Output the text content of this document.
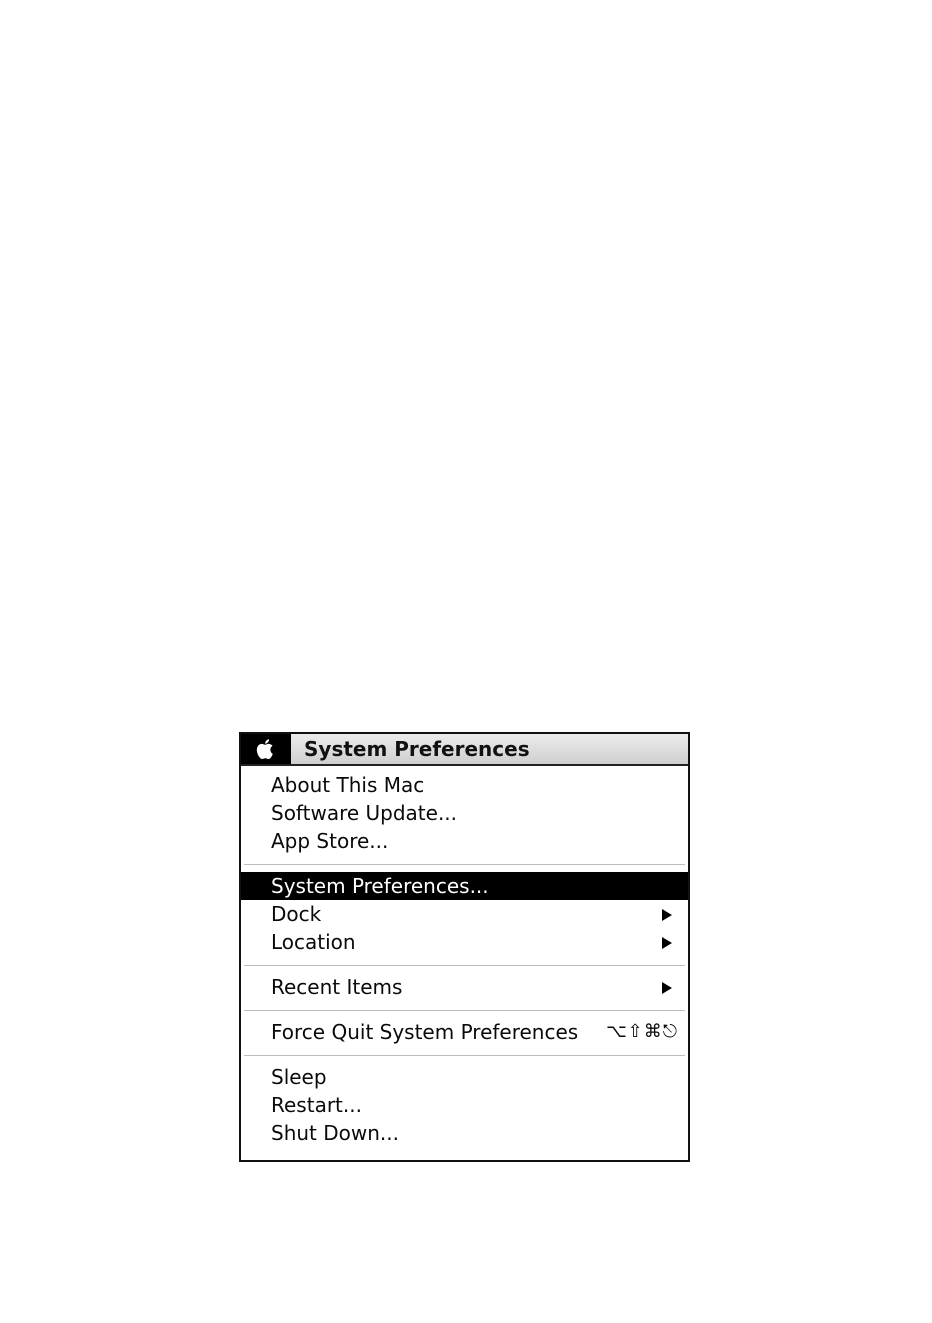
System Preferences
About This Mac
Software Update...
App Store...
System Preferences...
Dock
Location
Recent Items
Force Quit System Preferences ⌥⇧⌘⎋
Sleep
Restart...
Shut Down...
